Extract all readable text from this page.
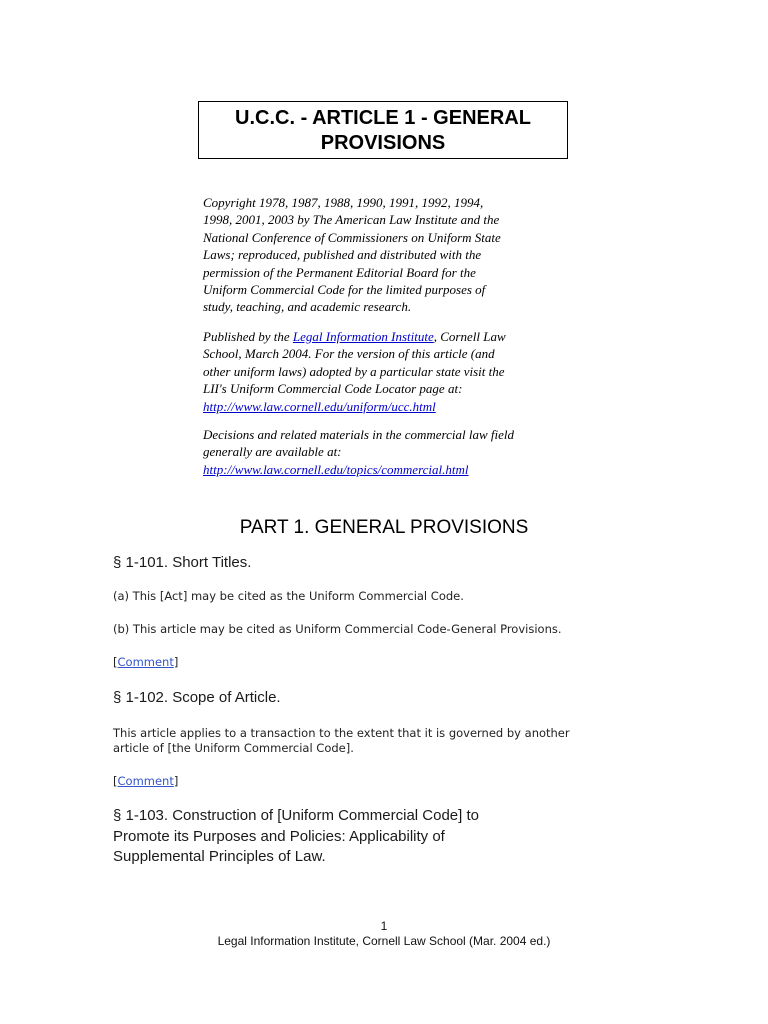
U.C.C. - ARTICLE 1 - GENERAL
PROVISIONS

Copyright 1978, 1987, 1988, 1990, 1991, 1992, 1994,
1998, 2001, 2003 by The American Law Institute and the
National Conference of Commissioners on Uniform State
Laws; reproduced, published and distributed with the
permission of the Permanent Editorial Board for the
Uniform Commercial Code for the limited purposes of
study, teaching, and academic research.

Published by the Legal Information Institute, Cornell Law
School, March 2004. For the version of this article (and
other uniform laws) adopted by a particular state visit the
LII's Uniform Commercial Code Locator page at:
http://www.law.cornell.edu/uniform/ucc.html

Decisions and related materials in the commercial law field
generally are available at:
http://www.law.cornell.edu/topics/commercial.html

PART 1. GENERAL PROVISIONS
§ 1-101. Short Titles.

(a) This [Act] may be cited as the Uniform Commercial Code.

(b) This article may be cited as Uniform Commercial Code-General Provisions.

[Comment]

§ 1-102. Scope of Article.

This article applies to a transaction to the extent that it is governed by another
article of [the Uniform Commercial Code].

[Comment]

§ 1-103. Construction of [Uniform Commercial Code] to
Promote its Purposes and Policies: Applicability of
Supplemental Principles of Law.
1
Legal Information Institute, Cornell Law School (Mar. 2004 ed.)
